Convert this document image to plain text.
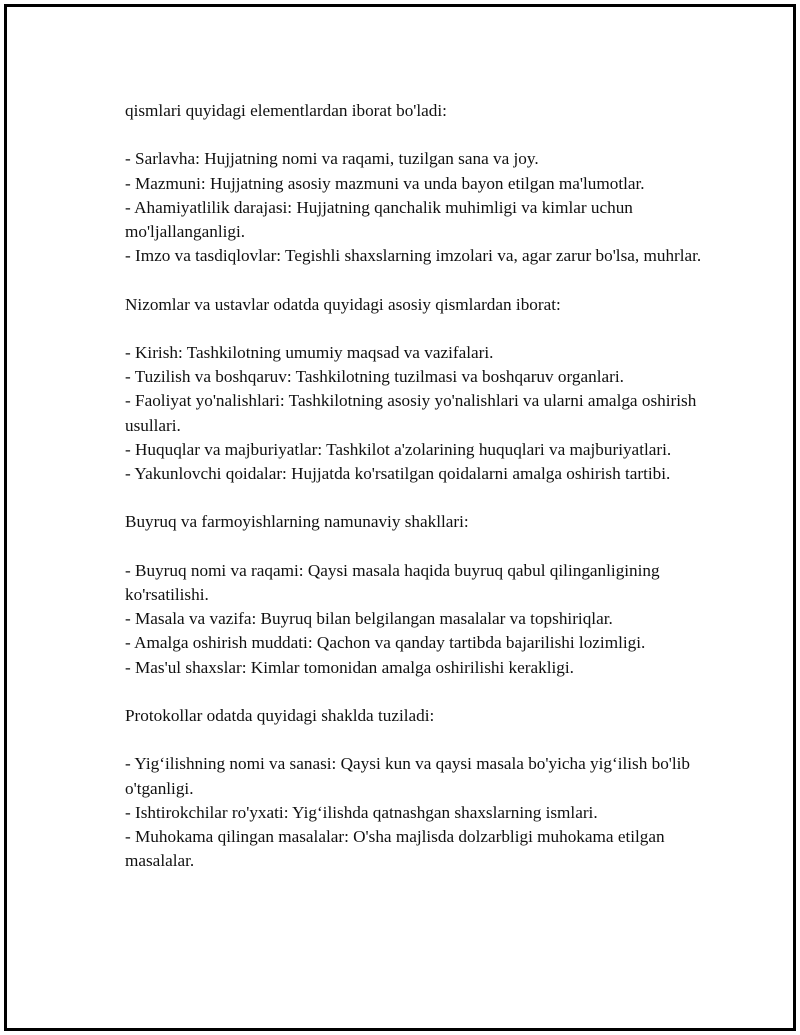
qismlari quyidagi elementlardan iborat bo'ladi:

- Sarlavha: Hujjatning nomi va raqami, tuzilgan sana va joy.

- Mazmuni: Hujjatning asosiy mazmuni va unda bayon etilgan ma'lumotlar.

- Ahamiyatlilik darajasi: Hujjatning qanchalik muhimligi va kimlar uchun mo'ljallanganligi.

- Imzo va tasdiqlovlar: Tegishli shaxslarning imzolari va, agar zarur bo'lsa, muhrlar.

Nizomlar va ustavlar odatda quyidagi asosiy qismlardan iborat:

- Kirish: Tashkilotning umumiy maqsad va vazifalari.

- Tuzilish va boshqaruv: Tashkilotning tuzilmasi va boshqaruv organlari.

- Faoliyat yo'nalishlari: Tashkilotning asosiy yo'nalishlari va ularni amalga oshirish usullari.

- Huquqlar va majburiyatlar: Tashkilot a'zolarining huquqlari va majburiyatlari.

- Yakunlovchi qoidalar: Hujjatda ko'rsatilgan qoidalarni amalga oshirish tartibi.

Buyruq va farmoyishlarning namunaviy shakllari:

- Buyruq nomi va raqami: Qaysi masala haqida buyruq qabul qilinganligining ko'rsatilishi.

- Masala va vazifa: Buyruq bilan belgilangan masalalar va topshiriqlar.

- Amalga oshirish muddati: Qachon va qanday tartibda bajarilishi lozimligi.

- Mas'ul shaxslar: Kimlar tomonidan amalga oshirilishi kerakligi.

Protokollar odatda quyidagi shaklda tuziladi:

- Yig‘ilishning nomi va sanasi: Qaysi kun va qaysi masala bo'yicha yig‘ilish bo'lib o'tganligi.

- Ishtirokchilar ro'yxati: Yig‘ilishda qatnashgan shaxslarning ismlari.

- Muhokama qilingan masalalar: O'sha majlisda dolzarbligi muhokama etilgan masalalar.
